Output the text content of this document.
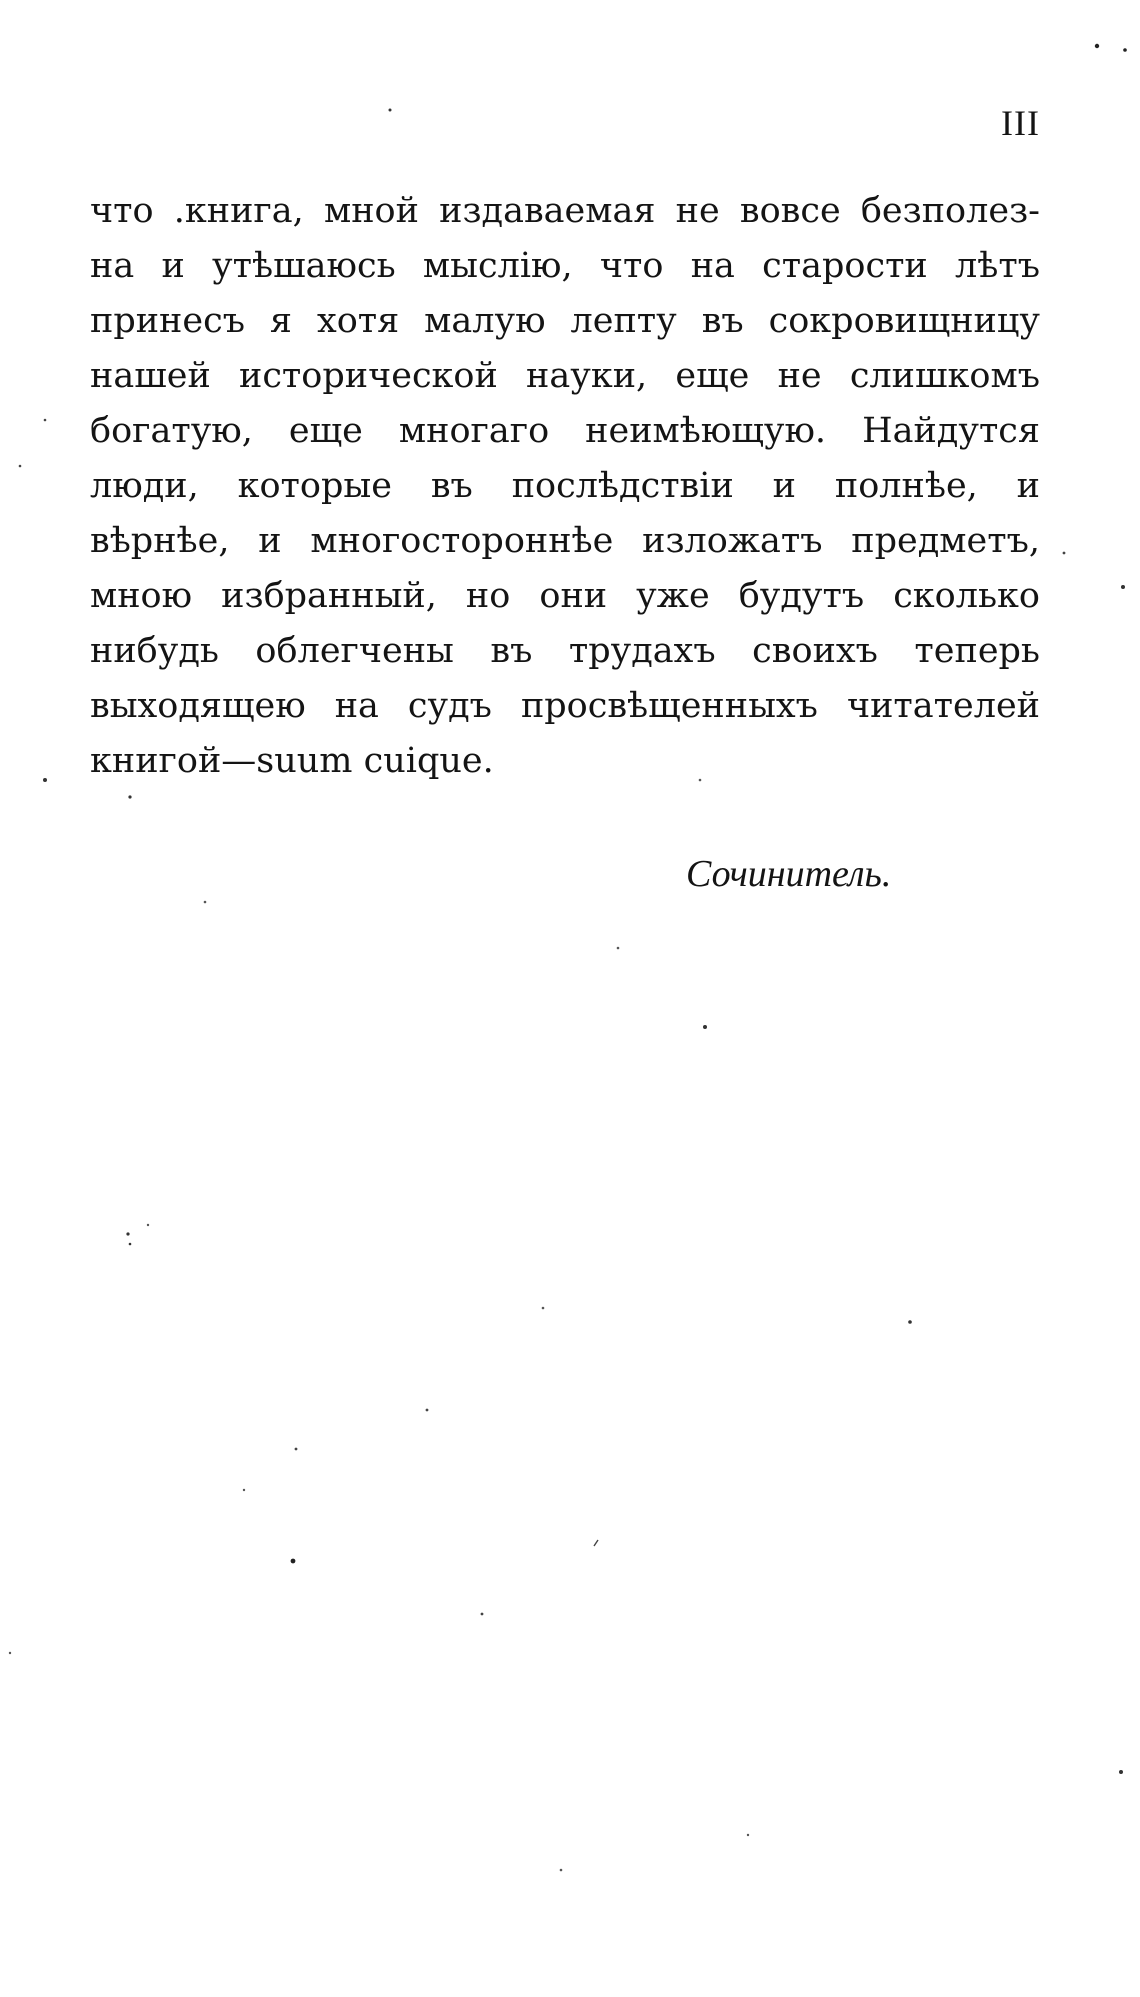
III
что .книга, мной издаваемая не вовсе безполез-
на и утѣшаюсь мыслію, что на старости лѣтъ
принесъ я хотя малую лепту въ сокровищницу
нашей исторической науки, еще не слишкомъ
богатую, еще многаго неимѣющую. Найдутся
люди, которые въ послѣдствіи и полнѣе, и
вѣрнѣе, и многостороннѣе изложатъ предметъ,
мною избранный, но они уже будутъ сколько
нибудь облегчены въ трудахъ своихъ теперь
выходящею на судъ просвѣщенныхъ читателей
книгой—suum cuique.
Сочинитель.
